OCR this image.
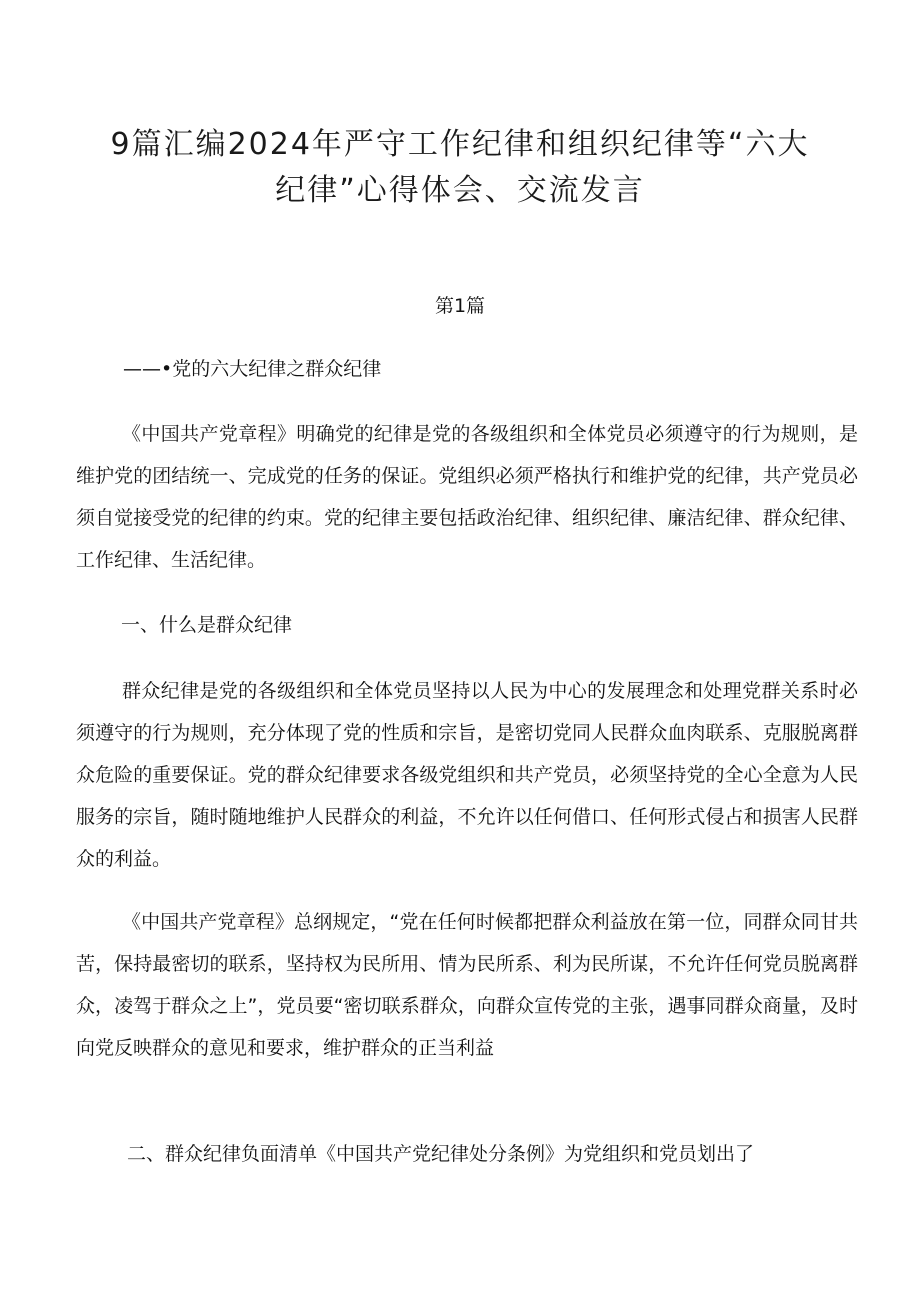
9篇汇编2024年严守工作纪律和组织纪律等“六大
纪律”心得体会、交流发言
第1篇
——•党的六大纪律之群众纪律

《中国共产党章程》明确党的纪律是党的各级组织和全体党员必须遵守的行为规则，是维护党的团结统一、完成党的任务的保证。党组织必须严格执行和维护党的纪律，共产党员必须自觉接受党的纪律的约束。党的纪律主要包括政治纪律、组织纪律、廉洁纪律、群众纪律、工作纪律、生活纪律。

一、什么是群众纪律

群众纪律是党的各级组织和全体党员坚持以人民为中心的发展理念和处理党群关系时必须遵守的行为规则，充分体现了党的性质和宗旨，是密切党同人民群众血肉联系、克服脱离群众危险的重要保证。党的群众纪律要求各级党组织和共产党员，必须坚持党的全心全意为人民服务的宗旨，随时随地维护人民群众的利益，不允许以任何借口、任何形式侵占和损害人民群众的利益。

《中国共产党章程》总纲规定，“党在任何时候都把群众利益放在第一位，同群众同甘共苦，保持最密切的联系，坚持权为民所用、情为民所系、利为民所谋，不允许任何党员脱离群众，凌驾于群众之上”，党员要“密切联系群众，向群众宣传党的主张，遇事同群众商量，及时向党反映群众的意见和要求，维护群众的正当利益

二、群众纪律负面清单《中国共产党纪律处分条例》为党组织和党员划出了
